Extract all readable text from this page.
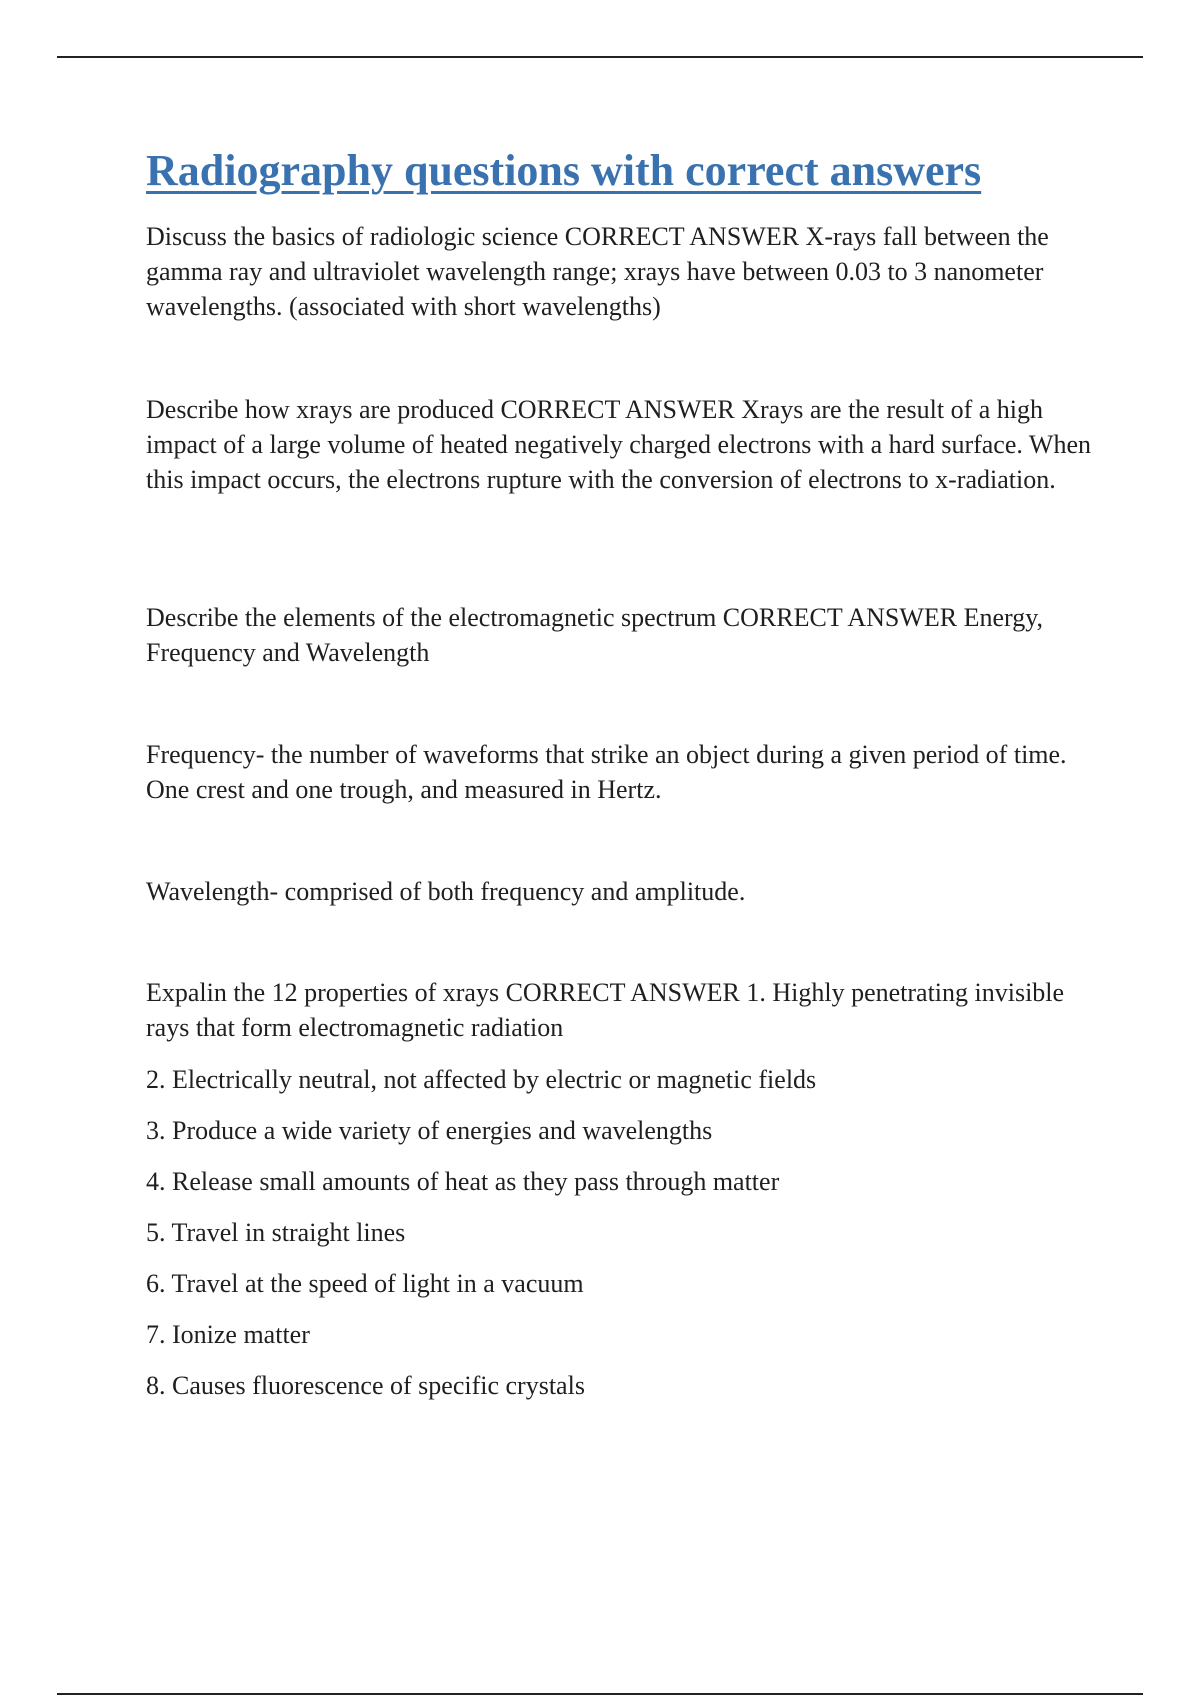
Radiography questions with correct answers

Discuss the basics of radiologic science CORRECT ANSWER X-rays fall between the gamma ray and ultraviolet wavelength range; xrays have between 0.03 to 3 nanometer wavelengths. (associated with short wavelengths)

Describe how xrays are produced CORRECT ANSWER Xrays are the result of a high impact of a large volume of heated negatively charged electrons with a hard surface. When this impact occurs, the electrons rupture with the conversion of electrons to x-radiation.

Describe the elements of the electromagnetic spectrum CORRECT ANSWER Energy, Frequency and Wavelength

Frequency- the number of waveforms that strike an object during a given period of time. One crest and one trough, and measured in Hertz.

Wavelength- comprised of both frequency and amplitude.

Expalin the 12 properties of xrays CORRECT ANSWER 1. Highly penetrating invisible rays that form electromagnetic radiation

2. Electrically neutral, not affected by electric or magnetic fields
3. Produce a wide variety of energies and wavelengths
4. Release small amounts of heat as they pass through matter
5. Travel in straight lines
6. Travel at the speed of light in a vacuum
7. Ionize matter
8. Causes fluorescence of specific crystals
